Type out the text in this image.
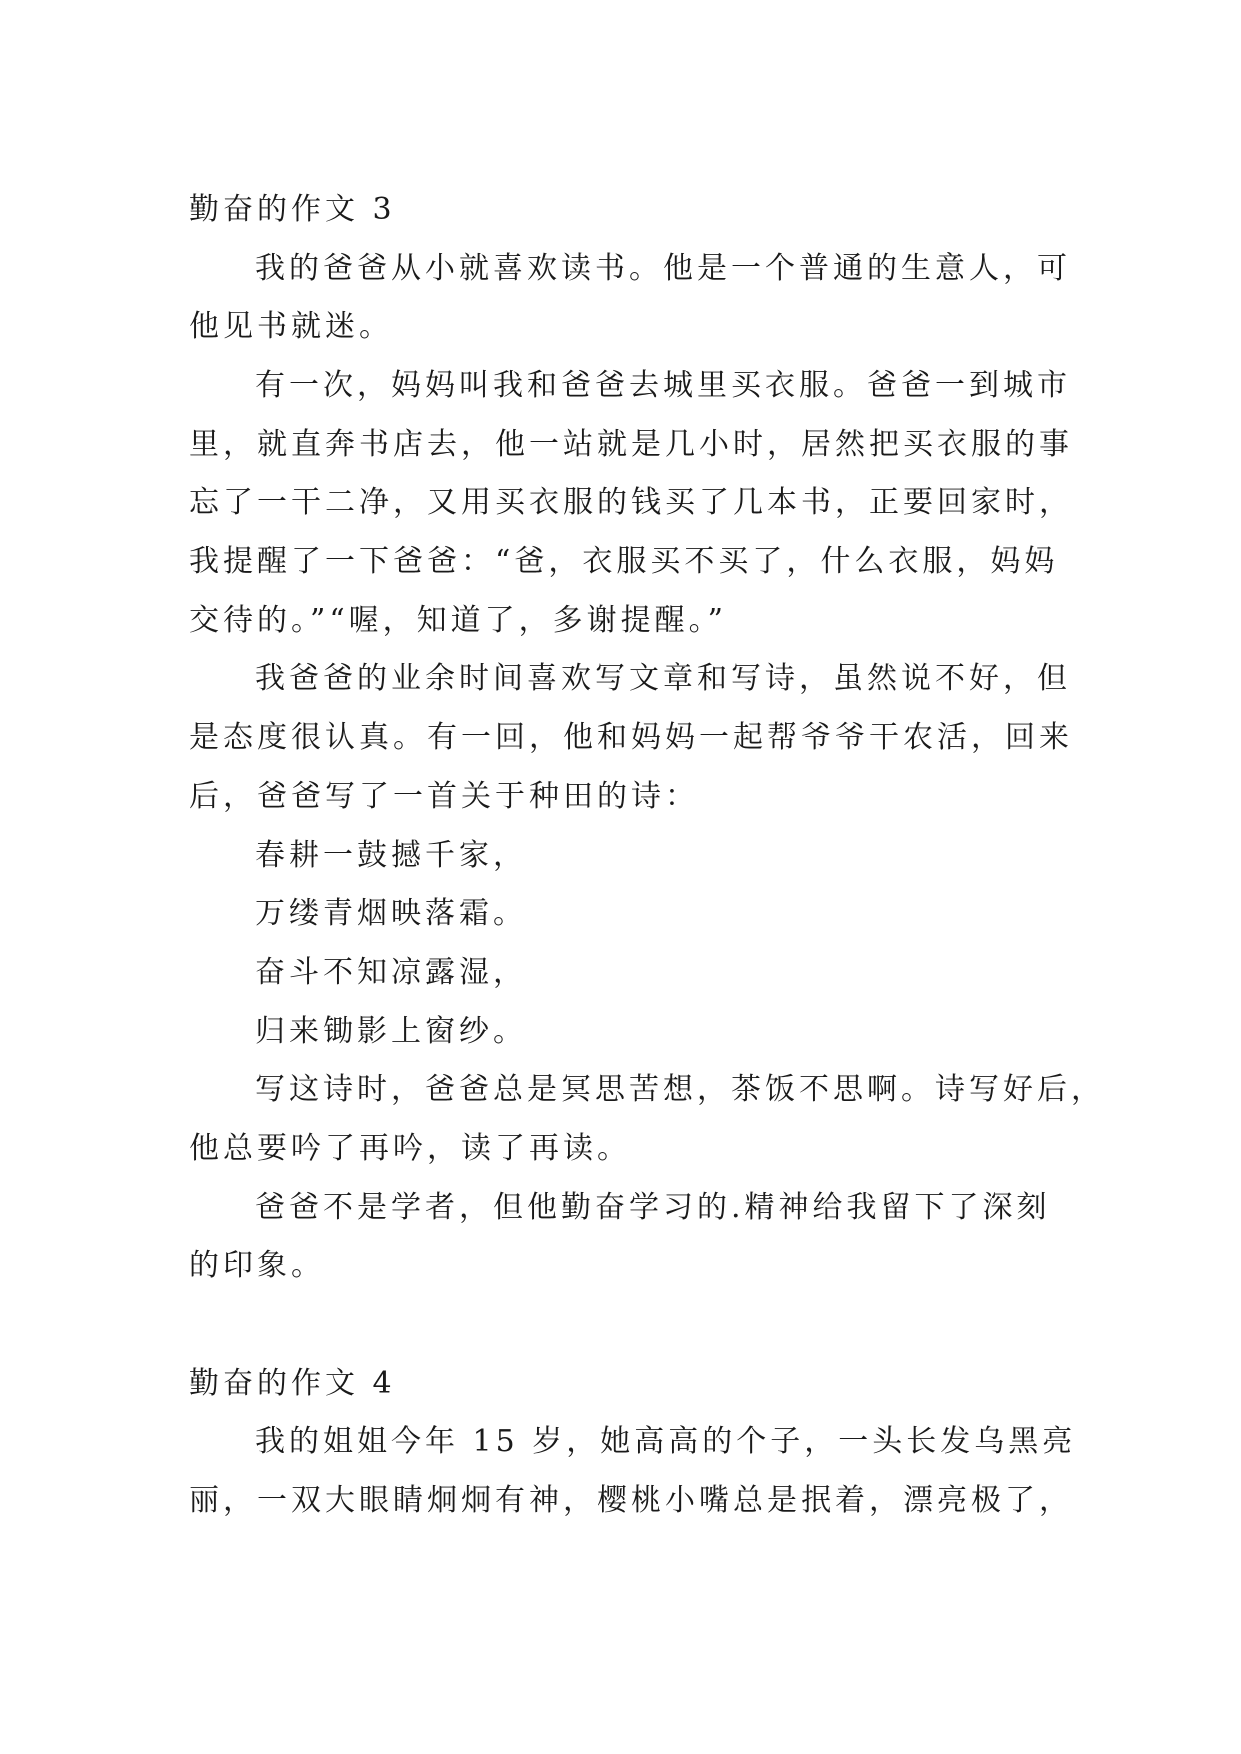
勤奋的作文 3
我的爸爸从小就喜欢读书。他是一个普通的生意人，可
他见书就迷。
有一次，妈妈叫我和爸爸去城里买衣服。爸爸一到城市
里，就直奔书店去，他一站就是几小时，居然把买衣服的事
忘了一干二净，又用买衣服的钱买了几本书，正要回家时，
我提醒了一下爸爸：“爸，衣服买不买了，什么衣服，妈妈
交待的。”“喔，知道了，多谢提醒。”
我爸爸的业余时间喜欢写文章和写诗，虽然说不好，但
是态度很认真。有一回，他和妈妈一起帮爷爷干农活，回来
后，爸爸写了一首关于种田的诗：
春耕一鼓撼千家，
万缕青烟映落霜。
奋斗不知凉露湿，
归来锄影上窗纱。
写这诗时，爸爸总是冥思苦想，茶饭不思啊。诗写好后，
他总要吟了再吟，读了再读。
爸爸不是学者，但他勤奋学习的.精神给我留下了深刻
的印象。
勤奋的作文 4
我的姐姐今年 15 岁，她高高的个子，一头长发乌黑亮
丽，一双大眼睛炯炯有神，樱桃小嘴总是抿着，漂亮极了，
